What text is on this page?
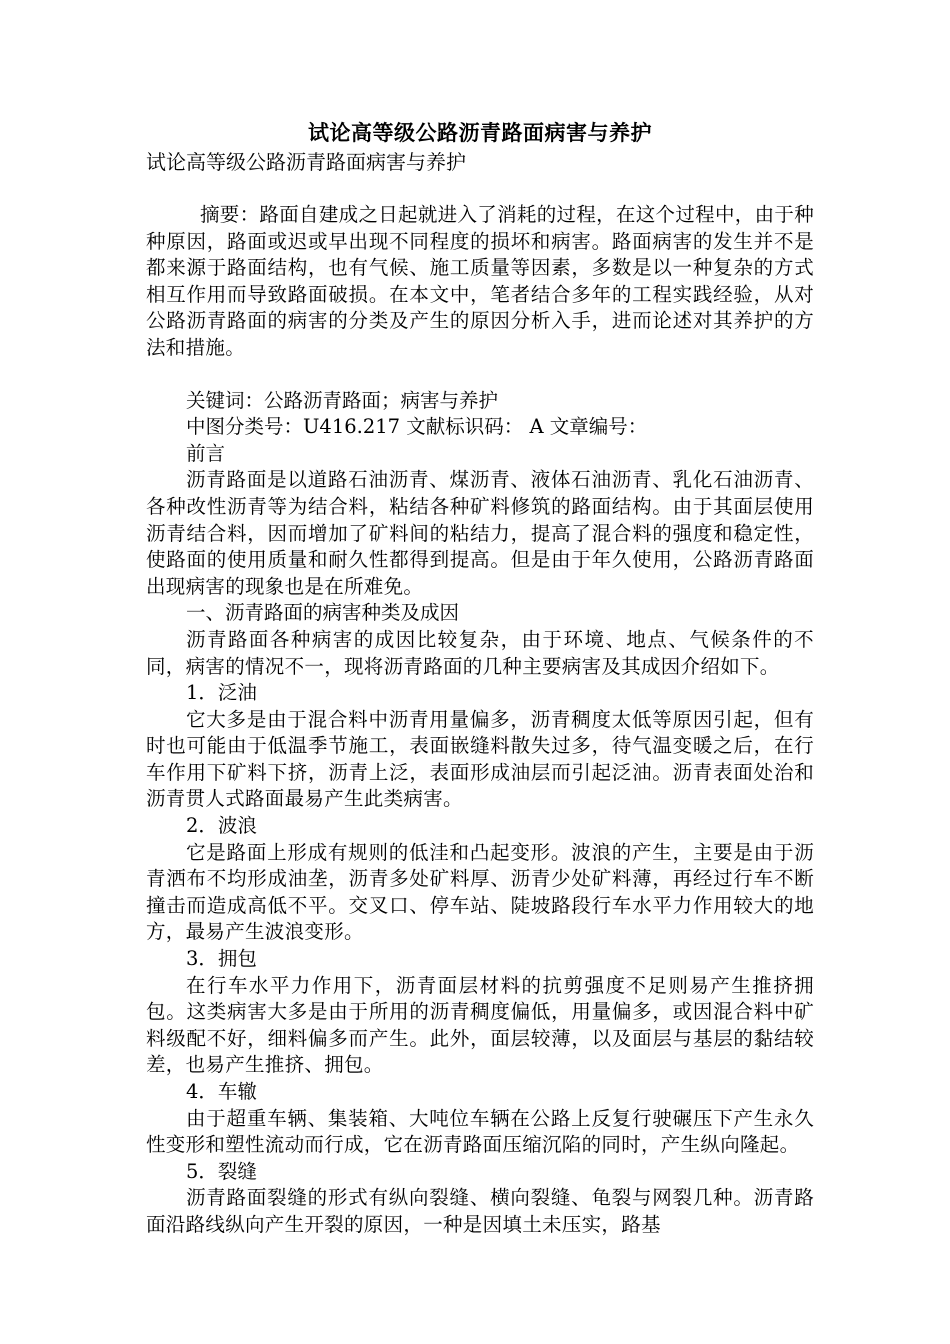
试论高等级公路沥青路面病害与养护

试论高等级公路沥青路面病害与养护

摘要：路面自建成之日起就进入了消耗的过程，在这个过程中，由于种种原因，路面或迟或早出现不同程度的损坏和病害。路面病害的发生并不是都来源于路面结构，也有气候、施工质量等因素，多数是以一种复杂的方式相互作用而导致路面破损。在本文中，笔者结合多年的工程实践经验，从对公路沥青路面的病害的分类及产生的原因分析入手，进而论述对其养护的方法和措施。

关键词：公路沥青路面；病害与养护

中图分类号：U416.217 文献标识码： A 文章编号：

前言

沥青路面是以道路石油沥青、煤沥青、液体石油沥青、乳化石油沥青、各种改性沥青等为结合料，粘结各种矿料修筑的路面结构。由于其面层使用沥青结合料，因而增加了矿料间的粘结力，提高了混合料的强度和稳定性，使路面的使用质量和耐久性都得到提高。但是由于年久使用，公路沥青路面出现病害的现象也是在所难免。

一、沥青路面的病害种类及成因

沥青路面各种病害的成因比较复杂，由于环境、地点、气候条件的不同，病害的情况不一，现将沥青路面的几种主要病害及其成因介绍如下。

1．泛油

它大多是由于混合料中沥青用量偏多，沥青稠度太低等原因引起，但有时也可能由于低温季节施工，表面嵌缝料散失过多，待气温变暖之后，在行车作用下矿料下挤，沥青上泛，表面形成油层而引起泛油。沥青表面处治和沥青贯人式路面最易产生此类病害。

2．波浪

它是路面上形成有规则的低洼和凸起变形。波浪的产生，主要是由于沥青洒布不均形成油垄，沥青多处矿料厚、沥青少处矿料薄，再经过行车不断撞击而造成高低不平。交叉口、停车站、陡坡路段行车水平力作用较大的地方，最易产生波浪变形。

3．拥包

在行车水平力作用下，沥青面层材料的抗剪强度不足则易产生推挤拥包。这类病害大多是由于所用的沥青稠度偏低，用量偏多，或因混合料中矿料级配不好，细料偏多而产生。此外，面层较薄，以及面层与基层的黏结较差，也易产生推挤、拥包。

4．车辙

由于超重车辆、集装箱、大吨位车辆在公路上反复行驶碾压下产生永久性变形和塑性流动而行成，它在沥青路面压缩沉陷的同时，产生纵向隆起。

5．裂缝

沥青路面裂缝的形式有纵向裂缝、横向裂缝、龟裂与网裂几种。沥青路面沿路线纵向产生开裂的原因，一种是因填土未压实，路基
